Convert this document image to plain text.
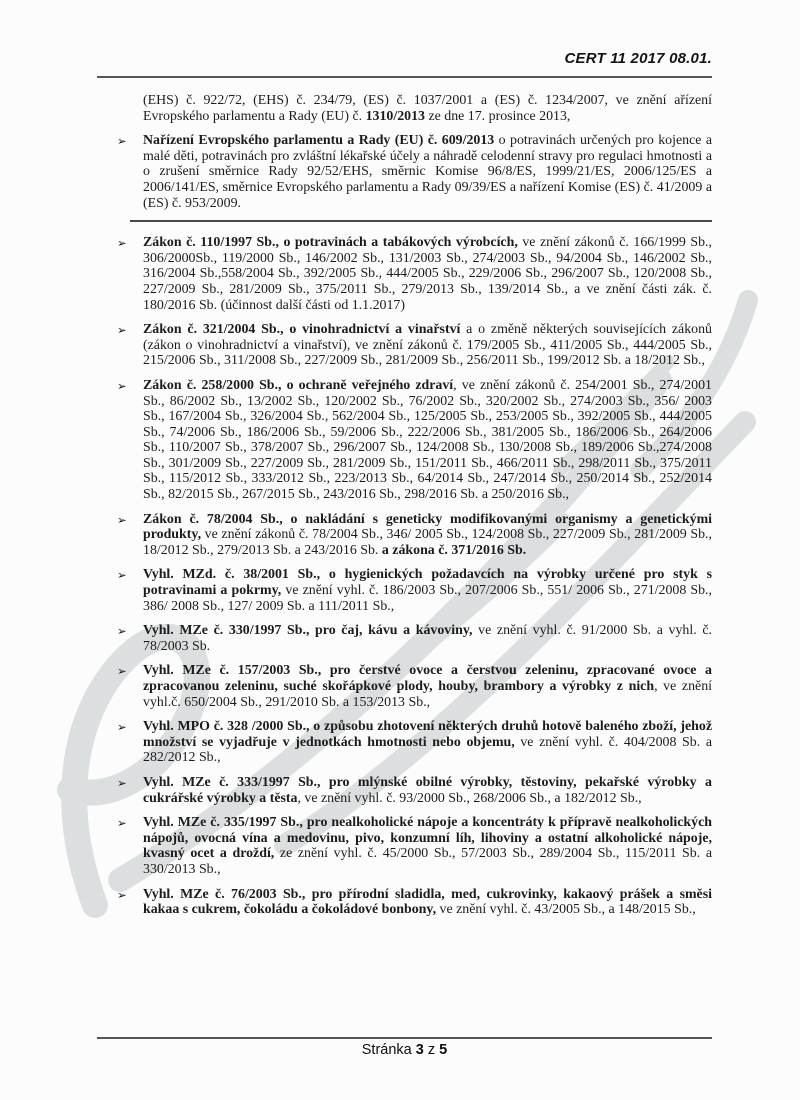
CERT 11 2017 08.01.

(EHS) č. 922/72, (EHS) č. 234/79, (ES) č. 1037/2001 a (ES) č. 1234/2007, ve znění ařízení Evropského parlamentu a Rady (EU) č. 1310/2013 ze dne 17. prosince 2013,

➢ Nařízení Evropského parlamentu a Rady (EU) č. 609/2013 o potravinách určených pro kojence a malé děti, potravinách pro zvláštní lékařské účely a náhradě celodenní stravy pro regulaci hmotnosti a o zrušení směrnice Rady 92/52/EHS, směrnic Komise 96/8/ES, 1999/21/ES, 2006/125/ES a 2006/141/ES, směrnice Evropského parlamentu a Rady 09/39/ES a nařízení Komise (ES) č. 41/2009 a (ES) č. 953/2009.

➢ Zákon č. 110/1997 Sb., o potravinách a tabákových výrobcích, ve znění zákonů č. 166/1999 Sb., 306/2000Sb., 119/2000 Sb., 146/2002 Sb., 131/2003 Sb., 274/2003 Sb., 94/2004 Sb., 146/2002 Sb., 316/2004 Sb.,558/2004 Sb., 392/2005 Sb., 444/2005 Sb., 229/2006 Sb., 296/2007 Sb., 120/2008 Sb., 227/2009 Sb., 281/2009 Sb., 375/2011 Sb., 279/2013 Sb., 139/2014 Sb., a ve znění části zák. č. 180/2016 Sb. (účinnost další části od 1.1.2017)

➢ Zákon č. 321/2004 Sb., o vinohradnictví a vinařství a o změně některých souvisejících zákonů (zákon o vinohradnictví a vinařství), ve znění zákonů č. 179/2005 Sb., 411/2005 Sb., 444/2005 Sb., 215/2006 Sb., 311/2008 Sb., 227/2009 Sb., 281/2009 Sb., 256/2011 Sb., 199/2012 Sb. a 18/2012 Sb.,

➢ Zákon č. 258/2000 Sb., o ochraně veřejného zdraví, ve znění zákonů č. 254/2001 Sb., 274/2001 Sb., 86/2002 Sb., 13/2002 Sb., 120/2002 Sb., 76/2002 Sb., 320/2002 Sb., 274/2003 Sb., 356/ 2003 Sb., 167/2004 Sb., 326/2004 Sb., 562/2004 Sb., 125/2005 Sb., 253/2005 Sb., 392/2005 Sb., 444/2005 Sb., 74/2006 Sb., 186/2006 Sb., 59/2006 Sb., 222/2006 Sb., 381/2005 Sb., 186/2006 Sb., 264/2006 Sb., 110/2007 Sb., 378/2007 Sb., 296/2007 Sb., 124/2008 Sb., 130/2008 Sb., 189/2006 Sb.,274/2008 Sb., 301/2009 Sb., 227/2009 Sb., 281/2009 Sb., 151/2011 Sb., 466/2011 Sb., 298/2011 Sb., 375/2011 Sb., 115/2012 Sb., 333/2012 Sb., 223/2013 Sb., 64/2014 Sb., 247/2014 Sb., 250/2014 Sb., 252/2014 Sb., 82/2015 Sb., 267/2015 Sb., 243/2016 Sb., 298/2016 Sb. a 250/2016 Sb.,

➢ Zákon č. 78/2004 Sb., o nakládání s geneticky modifikovanými organismy a genetickými produkty, ve znění zákonů č. 78/2004 Sb., 346/ 2005 Sb., 124/2008 Sb., 227/2009 Sb., 281/2009 Sb., 18/2012 Sb., 279/2013 Sb. a 243/2016 Sb. a zákona č. 371/2016 Sb.

➢ Vyhl. MZd. č. 38/2001 Sb., o hygienických požadavcích na výrobky určené pro styk s potravinami a pokrmy, ve znění vyhl. č. 186/2003 Sb., 207/2006 Sb., 551/ 2006 Sb., 271/2008 Sb., 386/ 2008 Sb., 127/ 2009 Sb. a 111/2011 Sb.,

➢ Vyhl. MZe č. 330/1997 Sb., pro čaj, kávu a kávoviny, ve znění vyhl. č. 91/2000 Sb. a vyhl. č. 78/2003 Sb.

➢ Vyhl. MZe č. 157/2003 Sb., pro čerstvé ovoce a čerstvou zeleninu, zpracované ovoce a zpracovanou zeleninu, suché skořápkové plody, houby, brambory a výrobky z nich, ve znění vyhl.č. 650/2004 Sb., 291/2010 Sb. a 153/2013 Sb.,

➢ Vyhl. MPO č. 328 /2000 Sb., o způsobu zhotovení některých druhů hotově baleného zboží, jehož množství se vyjadřuje v jednotkách hmotnosti nebo objemu, ve znění vyhl. č. 404/2008 Sb. a 282/2012 Sb.,

➢ Vyhl. MZe č. 333/1997 Sb., pro mlýnské obilné výrobky, těstoviny, pekařské výrobky a cukrářské výrobky a těsta, ve znění vyhl. č. 93/2000 Sb., 268/2006 Sb., a 182/2012 Sb.,

➢ Vyhl. MZe č. 335/1997 Sb., pro nealkoholické nápoje a koncentráty k přípravě nealkoholických nápojů, ovocná vína a medovinu, pivo, konzumní líh, lihoviny a ostatní alkoholické nápoje, kvasný ocet a droždí, ze znění vyhl. č. 45/2000 Sb., 57/2003 Sb., 289/2004 Sb., 115/2011 Sb. a 330/2013 Sb.,

➢ Vyhl. MZe č. 76/2003 Sb., pro přírodní sladidla, med, cukrovinky, kakaový prášek a směsi kakaa s cukrem, čokoládu a čokoládové bonbony, ve znění vyhl. č. 43/2005 Sb., a 148/2015 Sb.,

Stránka 3 z 5
